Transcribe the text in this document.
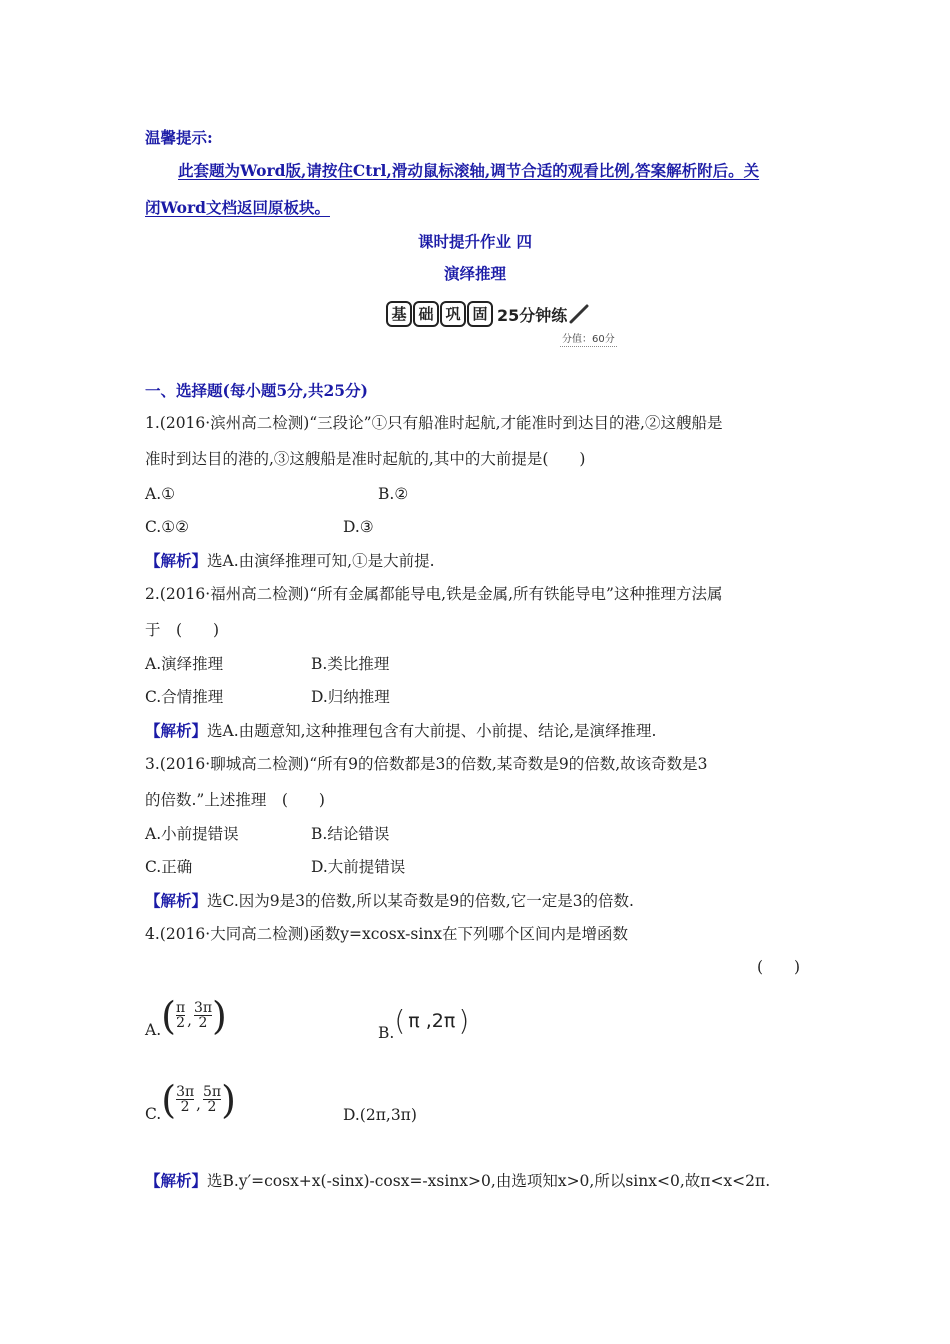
温馨提示:
此套题为Word版,请按住Ctrl,滑动鼠标滚轴,调节合适的观看比例,答案解析附后。关
闭Word文档返回原板块。
课时提升作业 四
演绎推理
基 础 巩 固 25分钟练
分值：60分
一、选择题(每小题5分,共25分)
1.(2016·滨州高二检测)“三段论”①只有船准时起航,才能准时到达目的港,②这艘船是
准时到达目的港的,③这艘船是准时起航的,其中的大前提是(　　)
A.①	B.②
C.①②	D.③
【解析】选A.由演绎推理可知,①是大前提.
2.(2016·福州高二检测)“所有金属都能导电,铁是金属,所有铁能导电”这种推理方法属
于　(　　)
A.演绎推理	B.类比推理
C.合情推理	D.归纳推理
【解析】选A.由题意知,这种推理包含有大前提、小前提、结论,是演绎推理.
3.(2016·聊城高二检测)“所有9的倍数都是3的倍数,某奇数是9的倍数,故该奇数是3
的倍数.”上述推理　(　　)
A.小前提错误	B.结论错误
C.正确	D.大前提错误
【解析】选C.因为9是3的倍数,所以某奇数是9的倍数,它一定是3的倍数.
4.(2016·大同高二检测)函数y=xcosx-sinx在下列哪个区间内是增函数
(　　)
A. ( $\frac{\pi}{2}$ , $\frac{3\pi}{2}$ )	B. ( π ,2π )
C. ( $\frac{3\pi}{2}$ , $\frac{5\pi}{2}$ )	D.(2π,3π)
【解析】选B.y′=cosx+x(-sinx)-cosx=-xsinx>0,由选项知x>0,所以sinx<0,故π<x<2π.
